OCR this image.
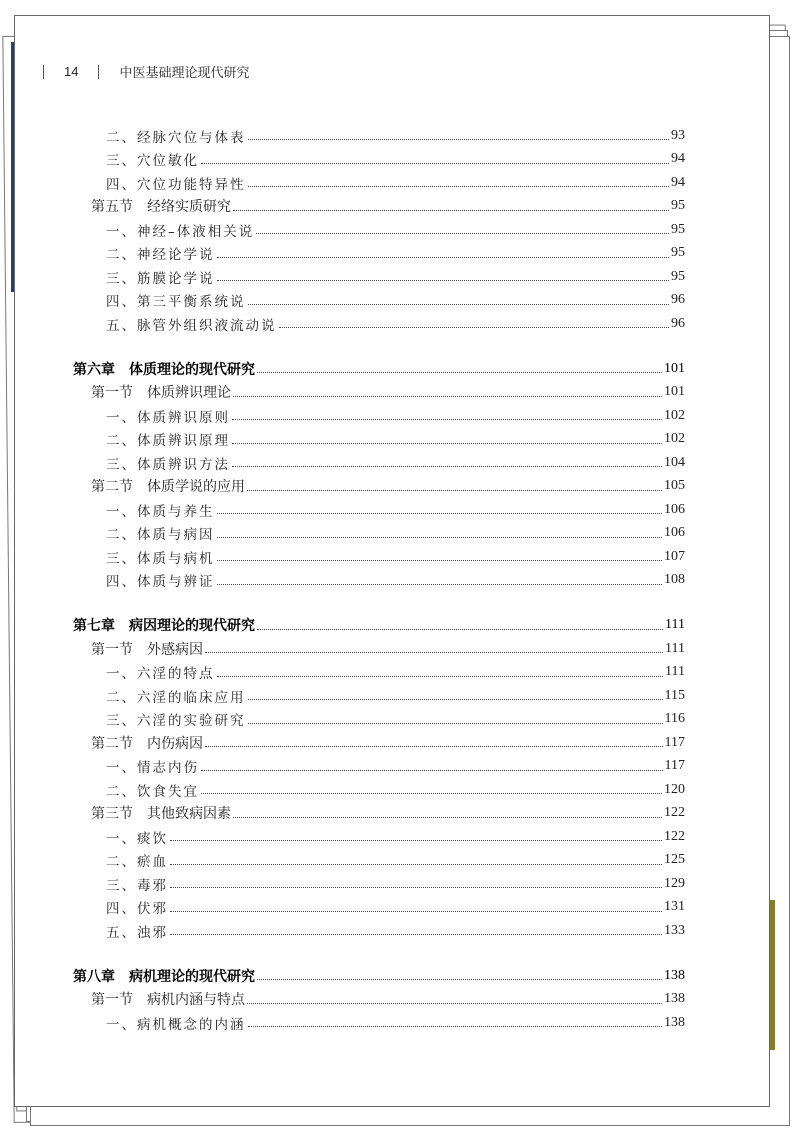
14	中医基础理论现代研究
二、经脉穴位与体表	93
三、穴位敏化	94
四、穴位功能特异性	94
第五节　经络实质研究	95
一、神经–体液相关说	95
二、神经论学说	95
三、筋膜论学说	95
四、第三平衡系统说	96
五、脉管外组织液流动说	96
第六章　体质理论的现代研究	101
第一节　体质辨识理论	101
一、体质辨识原则	102
二、体质辨识原理	102
三、体质辨识方法	104
第二节　体质学说的应用	105
一、体质与养生	106
二、体质与病因	106
三、体质与病机	107
四、体质与辨证	108
第七章　病因理论的现代研究	111
第一节　外感病因	111
一、六淫的特点	111
二、六淫的临床应用	115
三、六淫的实验研究	116
第二节　内伤病因	117
一、情志内伤	117
二、饮食失宜	120
第三节　其他致病因素	122
一、痰饮	122
二、瘀血	125
三、毒邪	129
四、伏邪	131
五、浊邪	133
第八章　病机理论的现代研究	138
第一节　病机内涵与特点	138
一、病机概念的内涵	138
